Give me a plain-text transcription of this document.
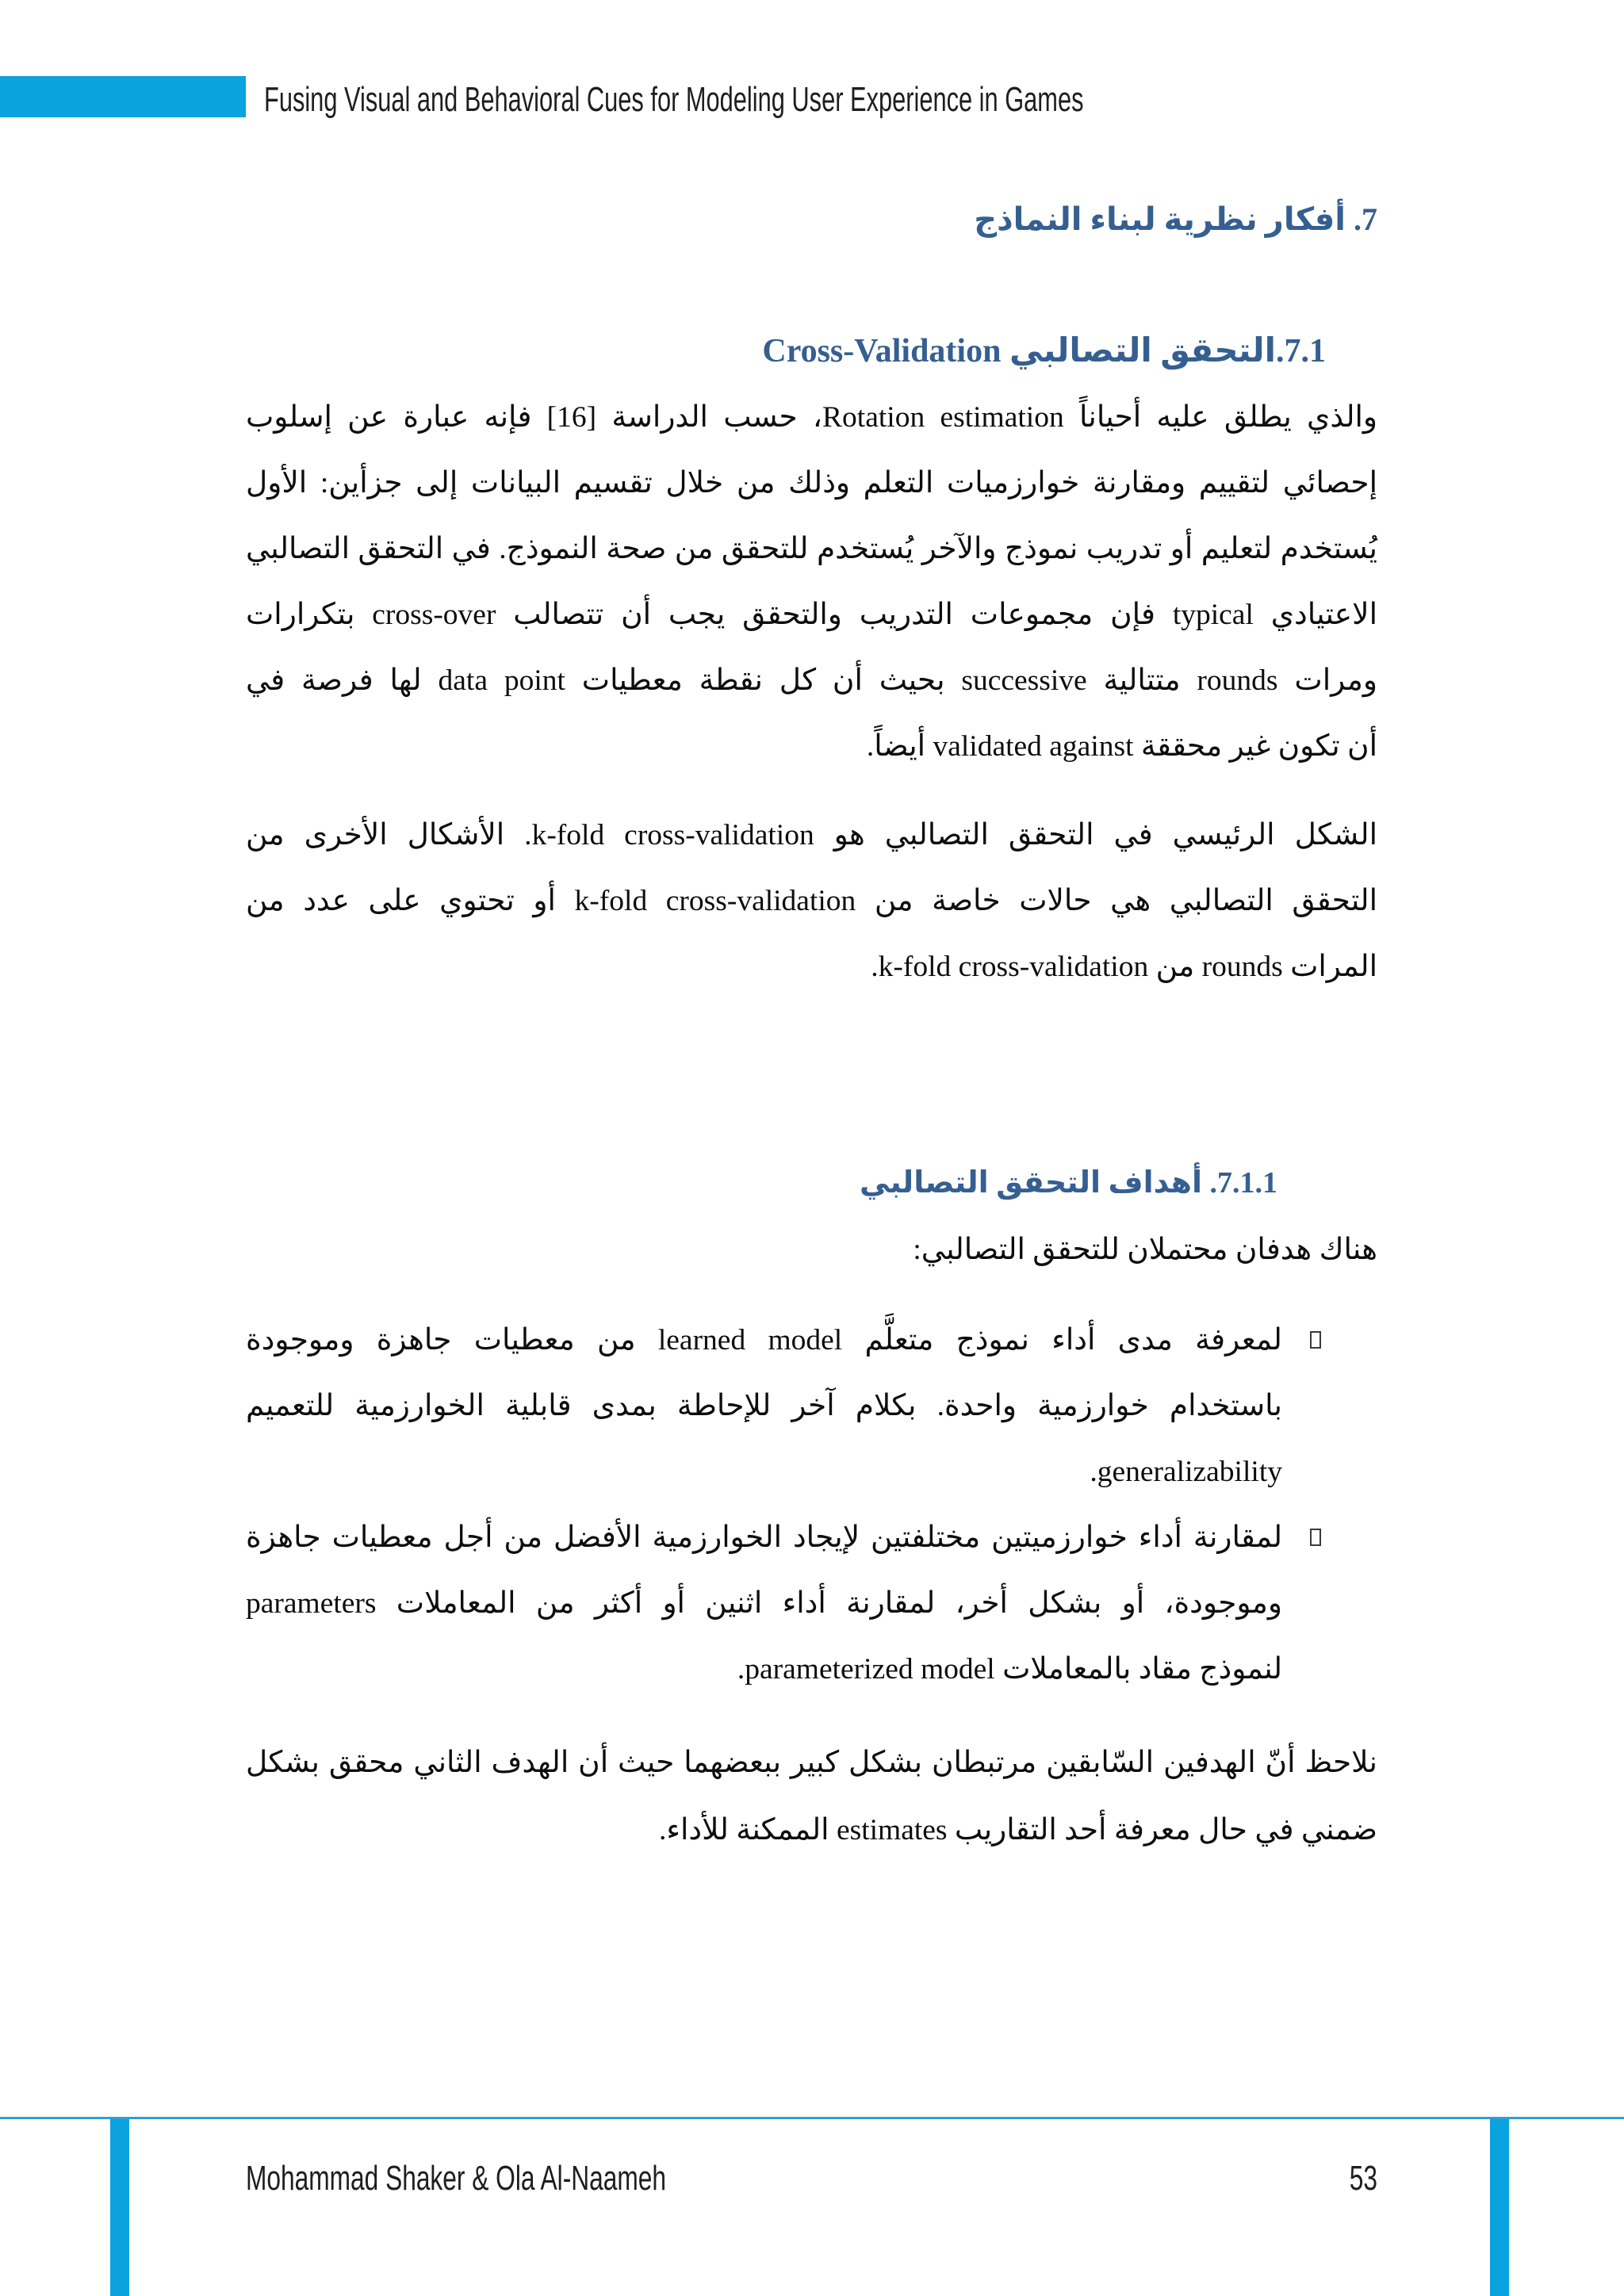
Fusing Visual and Behavioral Cues for Modeling User Experience in Games
7. أفكار نظرية لبناء النماذج
7.1.التحقق التصالبي Cross-Validation
والذي يطلق عليه أحياناً Rotation estimation، حسب الدراسة [16] فإنه عبارة عن إسلوب
إحصائي لتقييم ومقارنة خوارزميات التعلم وذلك من خلال تقسيم البيانات إلى جزأين: الأول
يُستخدم لتعليم أو تدريب نموذج والآخر يُستخدم للتحقق من صحة النموذج. في التحقق التصالبي
الاعتيادي typical فإن مجموعات التدريب والتحقق يجب أن تتصالب cross-over بتكرارات
ومرات rounds متتالية successive بحيث أن كل نقطة معطيات data point لها فرصة في
أن تكون غير محققة validated against أيضاً.
الشكل الرئيسي في التحقق التصالبي هو k-fold cross-validation. الأشكال الأخرى من
التحقق التصالبي هي حالات خاصة من k-fold cross-validation أو تحتوي على عدد من
المرات rounds من k-fold cross-validation.
7.1.1. أهداف التحقق التصالبي
هناك هدفان محتملان للتحقق التصالبي:
لمعرفة مدى أداء نموذج متعلَّم learned model من معطيات جاهزة وموجودة
باستخدام خوارزمية واحدة. بكلام آخر للإحاطة بمدى قابلية الخوارزمية للتعميم
generalizability.
لمقارنة أداء خوارزميتين مختلفتين لإيجاد الخوارزمية الأفضل من أجل معطيات جاهزة
وموجودة، أو بشكل أخر، لمقارنة أداء اثنين أو أكثر من المعاملات parameters
لنموذج مقاد بالمعاملات parameterized model.
نلاحظ أنّ الهدفين السّابقين مرتبطان بشكل كبير ببعضهما حيث أن الهدف الثاني محقق بشكل
ضمني في حال معرفة أحد التقاريب estimates الممكنة للأداء.
Mohammad Shaker & Ola Al-Naameh	53
